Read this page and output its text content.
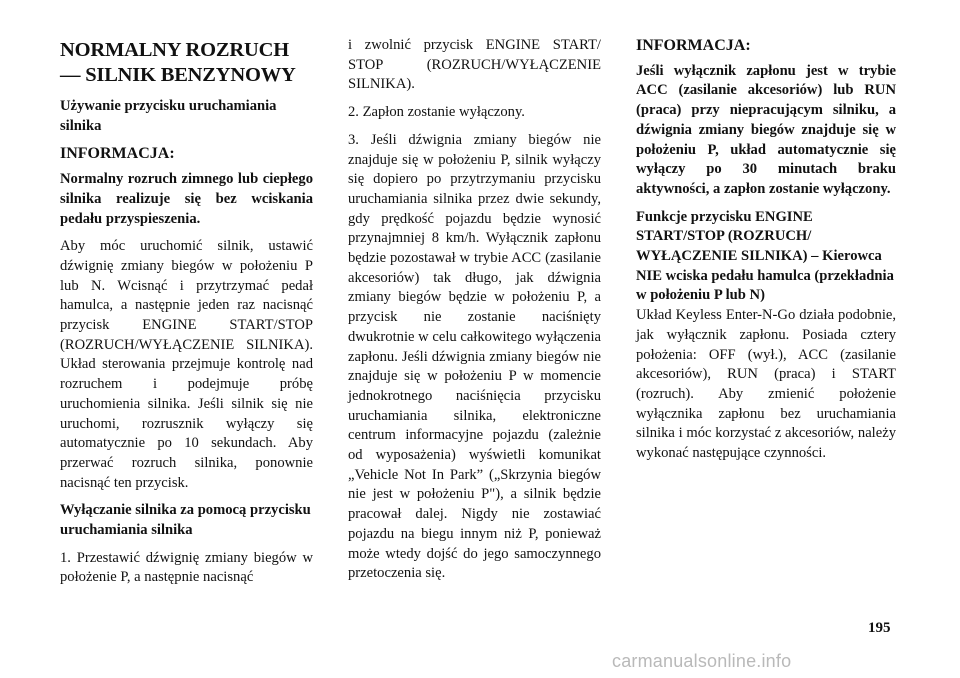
NORMALNY ROZRUCH — SILNIK BENZYNOWY
Używanie przycisku uruchamiania silnika
INFORMACJA:

Normalny rozruch zimnego lub ciepłego silnika realizuje się bez wciskania pedału przyspieszenia.

Aby móc uruchomić silnik, ustawić dźwignię zmiany biegów w położeniu P lub N. Wcisnąć i przytrzymać pedał hamulca, a następnie jeden raz nacisnąć przycisk ENGINE START/STOP (ROZRUCH/WYŁĄCZENIE SILNIKA). Układ sterowania przejmuje kontrolę nad rozruchem i podejmuje próbę uruchomienia silnika. Jeśli silnik się nie uruchomi, rozrusznik wyłączy się automatycznie po 10 sekundach. Aby przerwać rozruch silnika, ponownie nacisnąć ten przycisk.

Wyłączanie silnika za pomocą przycisku uruchamiania silnika

1. Przestawić dźwignię zmiany biegów w położenie P, a następnie nacisnąć

i zwolnić przycisk ENGINE START/ STOP (ROZRUCH/WYŁĄCZENIE SILNIKA).

2. Zapłon zostanie wyłączony.

3. Jeśli dźwignia zmiany biegów nie znajduje się w położeniu P, silnik wyłączy się dopiero po przytrzymaniu przycisku uruchamiania silnika przez dwie sekundy, gdy prędkość pojazdu będzie wynosić przynajmniej 8 km/h. Wyłącznik zapłonu będzie pozostawał w trybie ACC (zasilanie akcesoriów) tak długo, jak dźwignia zmiany biegów będzie w położeniu P, a przycisk nie zostanie naciśnięty dwukrotnie w celu całkowitego wyłączenia zapłonu. Jeśli dźwignia zmiany biegów nie znajduje się w położeniu P w momencie jednokrotnego naciśnięcia przycisku uruchamiania silnika, elektroniczne centrum informacyjne pojazdu (zależnie od wyposażenia) wyświetli komunikat „Vehicle Not In Park” („Skrzynia biegów nie jest w położeniu P"), a silnik będzie pracował dalej. Nigdy nie zostawiać pojazdu na biegu innym niż P, ponieważ może wtedy dojść do jego samoczynnego przetoczenia się.

INFORMACJA:

Jeśli wyłącznik zapłonu jest w trybie ACC (zasilanie akcesoriów) lub RUN (praca) przy niepracującym silniku, a dźwignia zmiany biegów znajduje się w położeniu P, układ automatycznie się wyłączy po 30 minutach braku aktywności, a zapłon zostanie wyłączony.

Funkcje przycisku ENGINE START/STOP (ROZRUCH/ WYŁĄCZENIE SILNIKA) – Kierowca NIE wciska pedału hamulca (przekładnia w położeniu P lub N)

Układ Keyless Enter-N-Go działa podobnie, jak wyłącznik zapłonu. Posiada cztery położenia: OFF (wył.), ACC (zasilanie akcesoriów), RUN (praca) i START (rozruch). Aby zmienić położenie wyłącznika zapłonu bez uruchamiania silnika i móc korzystać z akcesoriów, należy wykonać następujące czynności.

195
carmanualsonline.info
